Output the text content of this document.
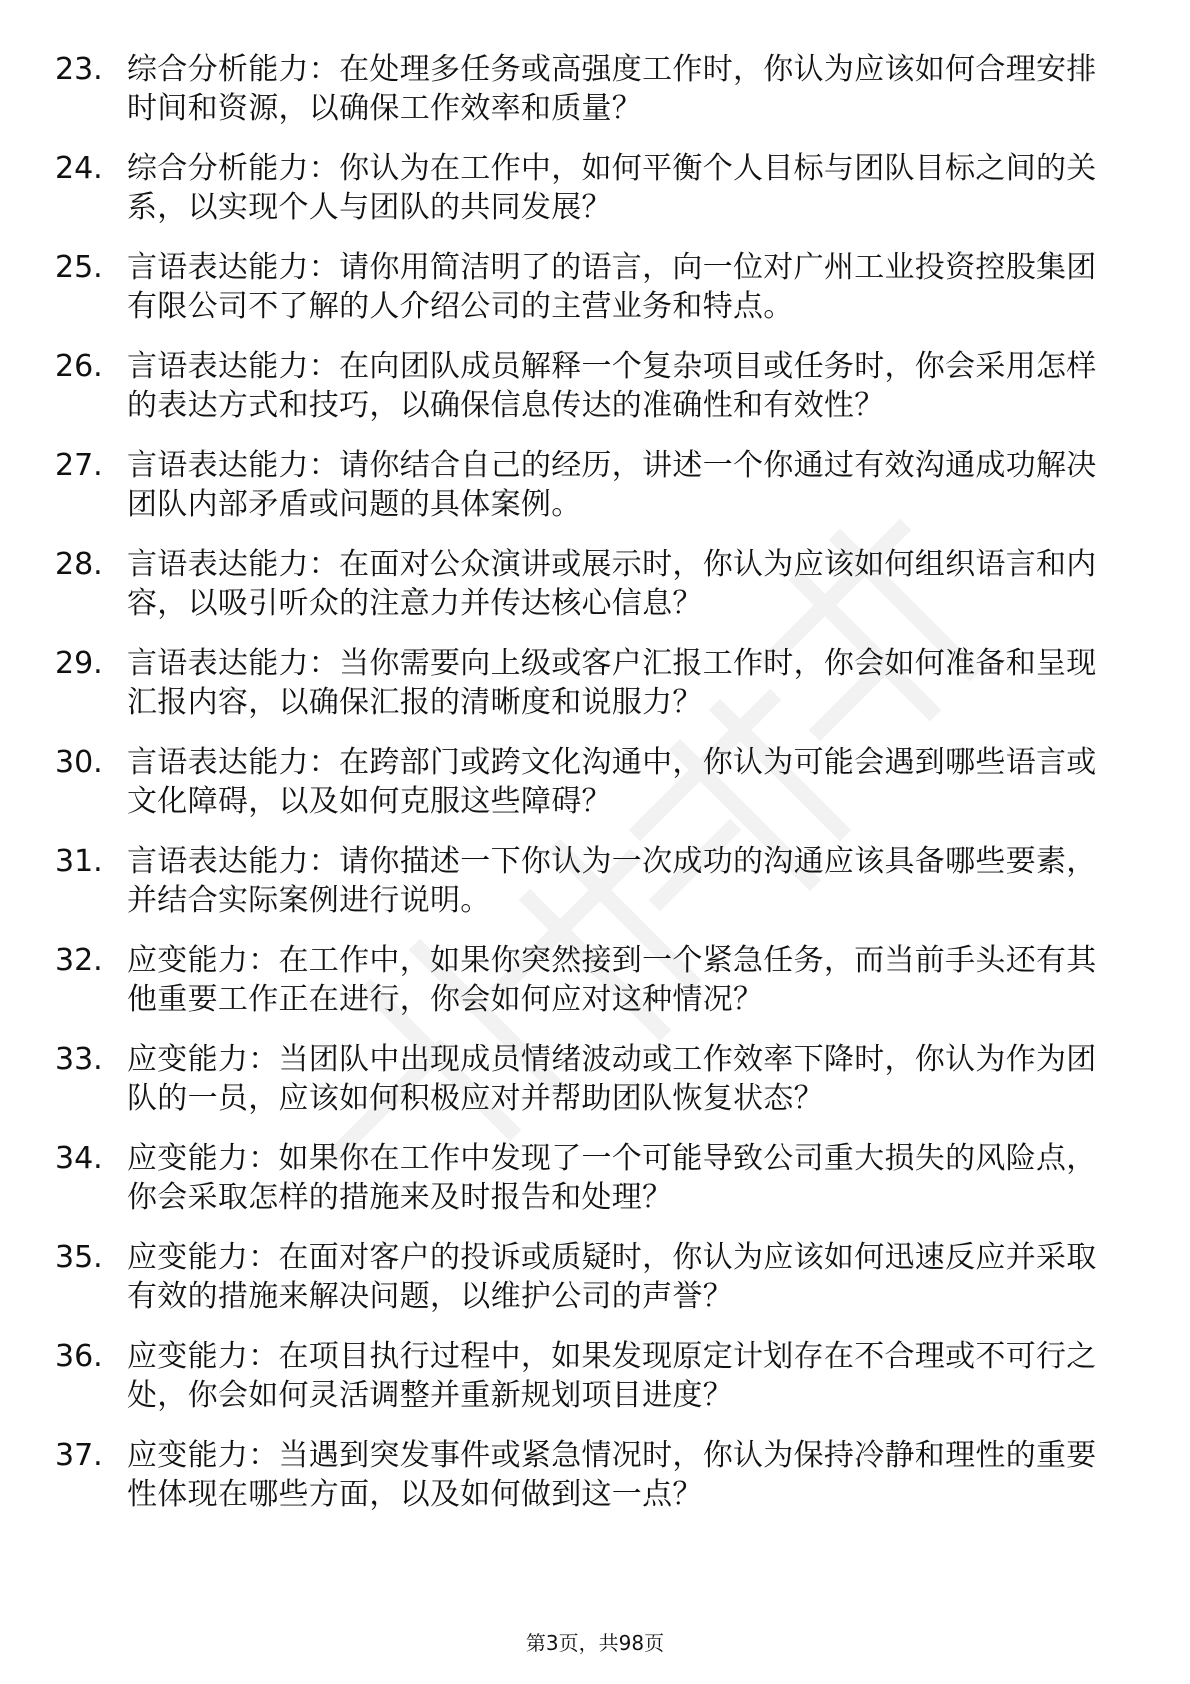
23. 综合分析能力：在处理多任务或高强度工作时，你认为应该如何合理安排时间和资源，以确保工作效率和质量？
24. 综合分析能力：你认为在工作中，如何平衡个人目标与团队目标之间的关系，以实现个人与团队的共同发展？
25. 言语表达能力：请你用简洁明了的语言，向一位对广州工业投资控股集团有限公司不了解的人介绍公司的主营业务和特点。
26. 言语表达能力：在向团队成员解释一个复杂项目或任务时，你会采用怎样的表达方式和技巧，以确保信息传达的准确性和有效性？
27. 言语表达能力：请你结合自己的经历，讲述一个你通过有效沟通成功解决团队内部矛盾或问题的具体案例。
28. 言语表达能力：在面对公众演讲或展示时，你认为应该如何组织语言和内容，以吸引听众的注意力并传达核心信息？
29. 言语表达能力：当你需要向上级或客户汇报工作时，你会如何准备和呈现汇报内容，以确保汇报的清晰度和说服力？
30. 言语表达能力：在跨部门或跨文化沟通中，你认为可能会遇到哪些语言或文化障碍，以及如何克服这些障碍？
31. 言语表达能力：请你描述一下你认为一次成功的沟通应该具备哪些要素，并结合实际案例进行说明。
32. 应变能力：在工作中，如果你突然接到一个紧急任务，而当前手头还有其他重要工作正在进行，你会如何应对这种情况？
33. 应变能力：当团队中出现成员情绪波动或工作效率下降时，你认为作为团队的一员，应该如何积极应对并帮助团队恢复状态？
34. 应变能力：如果你在工作中发现了一个可能导致公司重大损失的风险点，你会采取怎样的措施来及时报告和处理？
35. 应变能力：在面对客户的投诉或质疑时，你认为应该如何迅速反应并采取有效的措施来解决问题，以维护公司的声誉？
36. 应变能力：在项目执行过程中，如果发现原定计划存在不合理或不可行之处，你会如何灵活调整并重新规划项目进度？
37. 应变能力：当遇到突发事件或紧急情况时，你认为保持冷静和理性的重要性体现在哪些方面，以及如何做到这一点？
第3页，共98页
